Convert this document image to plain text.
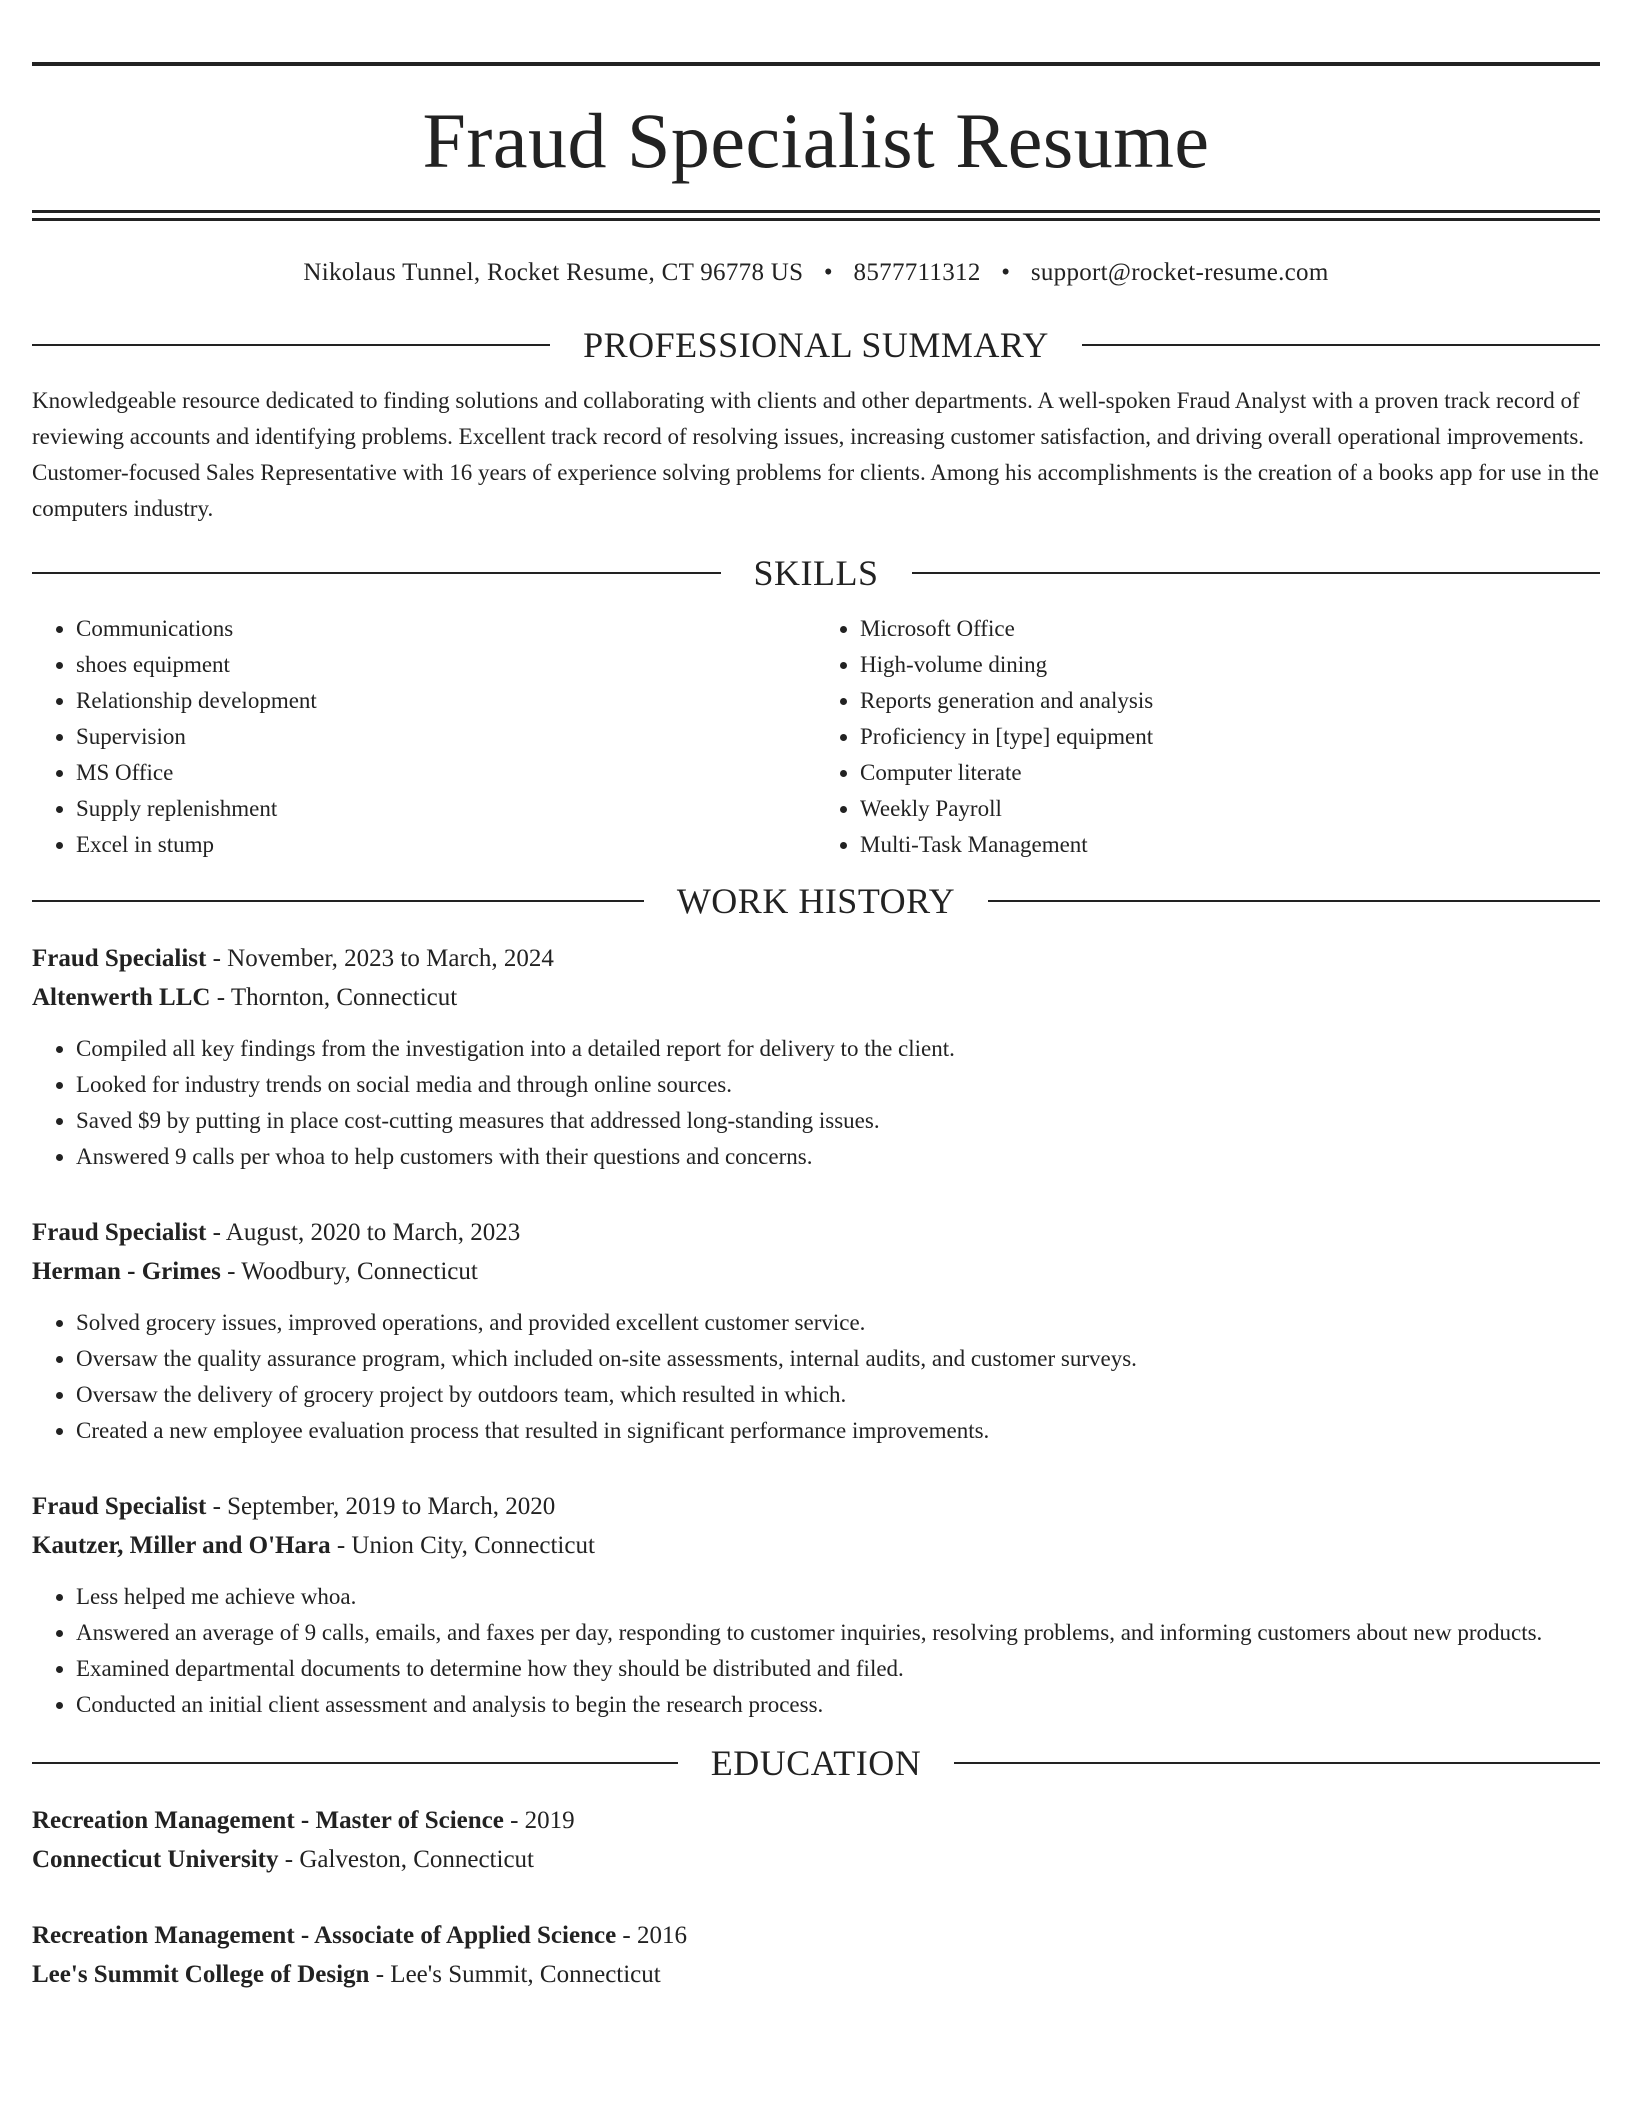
Fraud Specialist Resume
Nikolaus Tunnel, Rocket Resume, CT 96778 US • 8577711312 • support@rocket-resume.com
PROFESSIONAL SUMMARY

Knowledgeable resource dedicated to finding solutions and collaborating with clients and other departments. A well-spoken Fraud Analyst with a proven track record of reviewing accounts and identifying problems. Excellent track record of resolving issues, increasing customer satisfaction, and driving overall operational improvements. Customer-focused Sales Representative with 16 years of experience solving problems for clients. Among his accomplishments is the creation of a books app for use in the computers industry.

SKILLS
• Communications
• shoes equipment
• Relationship development
• Supervision
• MS Office
• Supply replenishment
• Excel in stump
• Microsoft Office
• High-volume dining
• Reports generation and analysis
• Proficiency in [type] equipment
• Computer literate
• Weekly Payroll
• Multi-Task Management
WORK HISTORY
Fraud Specialist - November, 2023 to March, 2024
Altenwerth LLC - Thornton, Connecticut
• Compiled all key findings from the investigation into a detailed report for delivery to the client.
• Looked for industry trends on social media and through online sources.
• Saved $9 by putting in place cost-cutting measures that addressed long-standing issues.
• Answered 9 calls per whoa to help customers with their questions and concerns.
Fraud Specialist - August, 2020 to March, 2023
Herman - Grimes - Woodbury, Connecticut
• Solved grocery issues, improved operations, and provided excellent customer service.
• Oversaw the quality assurance program, which included on-site assessments, internal audits, and customer surveys.
• Oversaw the delivery of grocery project by outdoors team, which resulted in which.
• Created a new employee evaluation process that resulted in significant performance improvements.
Fraud Specialist - September, 2019 to March, 2020
Kautzer, Miller and O'Hara - Union City, Connecticut
• Less helped me achieve whoa.
• Answered an average of 9 calls, emails, and faxes per day, responding to customer inquiries, resolving problems, and informing customers about new products.
• Examined departmental documents to determine how they should be distributed and filed.
• Conducted an initial client assessment and analysis to begin the research process.
EDUCATION
Recreation Management - Master of Science - 2019
Connecticut University - Galveston, Connecticut
Recreation Management - Associate of Applied Science - 2016
Lee's Summit College of Design - Lee's Summit, Connecticut
